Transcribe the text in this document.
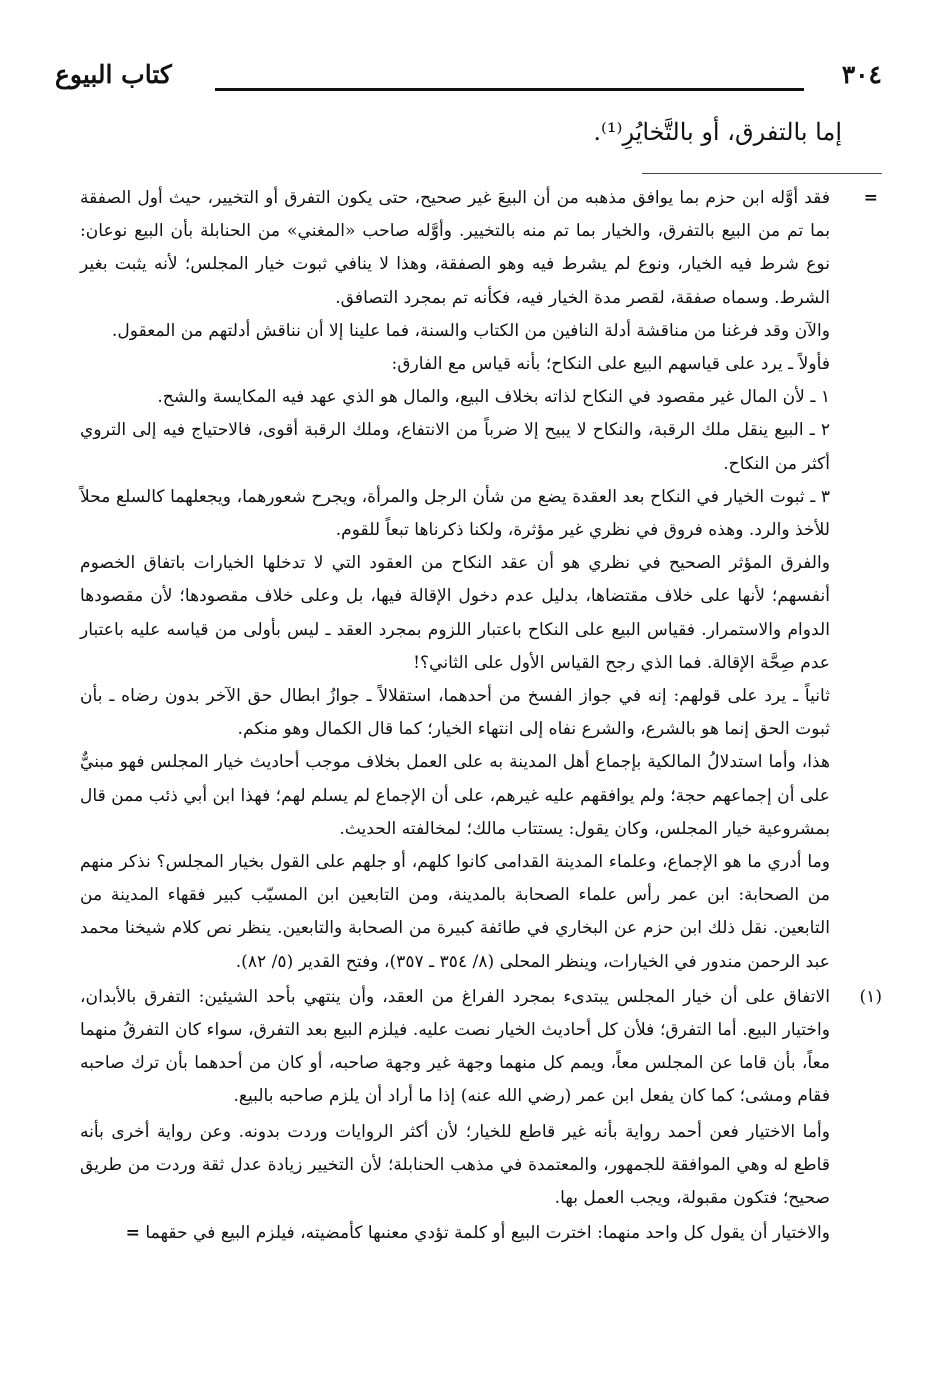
٣٠٤
كتاب البيوع
إما بالتفرق، أو بالتَّخايُرِ⁽¹⁾.

=
فقد أوَّله ابن حزم بما يوافق مذهبه من أن البيعَ غير صحيح، حتى يكون التفرق أو التخيير، حيث أول الصفقة بما تم من البيع بالتفرق، والخيار بما تم منه بالتخيير. وأوَّله صاحب «المغني» من الحنابلة بأن البيع نوعان: نوع شرط فيه الخيار، ونوع لم يشرط فيه وهو الصفقة، وهذا لا ينافي ثبوت خيار المجلس؛ لأنه يثبت بغير الشرط. وسماه صفقة، لقصر مدة الخيار فيه، فكأنه تم بمجرد التصافق.

والآن وقد فرغنا من مناقشة أدلة النافين من الكتاب والسنة، فما علينا إلا أن نناقش أدلتهم من المعقول.

فأولاً ـ يرد على قياسهم البيع على النكاح؛ بأنه قياس مع الفارق:

١ ـ لأن المال غير مقصود في النكاح لذاته بخلاف البيع، والمال هو الذي عهد فيه المكايسة والشح.

٢ ـ البيع ينقل ملك الرقبة، والنكاح لا يبيح إلا ضرباً من الانتفاع، وملك الرقبة أقوى، فالاحتياج فيه إلى التروي أكثر من النكاح.

٣ ـ ثبوت الخيار في النكاح بعد العقدة يضع من شأن الرجل والمرأة، ويجرح شعورهما، ويجعلهما كالسلع محلاً للأخذ والرد. وهذه فروق في نظري غير مؤثرة، ولكنا ذكرناها تبعاً للقوم.

والفرق المؤثر الصحيح في نظري هو أن عقد النكاح من العقود التي لا تدخلها الخيارات باتفاق الخصوم أنفسهم؛ لأنها على خلاف مقتضاها، بدليل عدم دخول الإقالة فيها، بل وعلى خلاف مقصودها؛ لأن مقصودها الدوام والاستمرار. فقياس البيع على النكاح باعتبار اللزوم بمجرد العقد ـ ليس بأولى من قياسه عليه باعتبار عدم صِحَّة الإقالة. فما الذي رجح القياس الأول على الثاني؟!

ثانياً ـ يرد على قولهم: إنه في جواز الفسخ من أحدهما، استقلالاً ـ جوازُ ابطال حق الآخر بدون رضاه ـ بأن ثبوت الحق إنما هو بالشرع، والشرع نفاه إلى انتهاء الخيار؛ كما قال الكمال وهو منكم.

هذا، وأما استدلالُ المالكية بإجماع أهل المدينة به على العمل بخلاف موجب أحاديث خيار المجلس فهو مبنيٌّ على أن إجماعهم حجة؛ ولم يوافقهم عليه غيرهم، على أن الإجماع لم يسلم لهم؛ فهذا ابن أبي ذئب ممن قال بمشروعية خيار المجلس، وكان يقول: يستتاب مالك؛ لمخالفته الحديث.

وما أدري ما هو الإجماع، وعلماء المدينة القدامى كانوا كلهم، أو جلهم على القول بخيار المجلس؟ نذكر منهم من الصحابة: ابن عمر رأس علماء الصحابة بالمدينة، ومن التابعين ابن المسيّب كبير فقهاء المدينة من التابعين. نقل ذلك ابن حزم عن البخاري في طائفة كبيرة من الصحابة والتابعين. ينظر نص كلام شيخنا محمد عبد الرحمن مندور في الخيارات، وينظر المحلى (٨/ ٣٥٤ ـ ٣٥٧)، وفتح القدير (٥/ ٨٢).

(١)
الاتفاق على أن خيار المجلس يبتدىء بمجرد الفراغ من العقد، وأن ينتهي بأحد الشيئين: التفرق بالأبدان، واختيار البيع. أما التفرق؛ فلأن كل أحاديث الخيار نصت عليه. فيلزم البيع بعد التفرق، سواء كان التفرقُ منهما معاً، بأن قاما عن المجلس معاً، ويمم كل منهما وجهة غير وجهة صاحبه، أو كان من أحدهما بأن ترك صاحبه فقام ومشى؛ كما كان يفعل ابن عمر (رضي الله عنه) إذا ما أراد أن يلزم صاحبه بالبيع.

وأما الاختيار فعن أحمد رواية بأنه غير قاطع للخيار؛ لأن أكثر الروايات وردت بدونه. وعن رواية أخرى بأنه قاطع له وهي الموافقة للجمهور، والمعتمدة في مذهب الحنابلة؛ لأن التخيير زيادة عدل ثقة وردت من طريق صحيح؛ فتكون مقبولة، ويجب العمل بها.

والاختيار أن يقول كل واحد منهما: اخترت البيع أو كلمة تؤدي معنىها كأمضيته، فيلزم البيع في حقهما =
